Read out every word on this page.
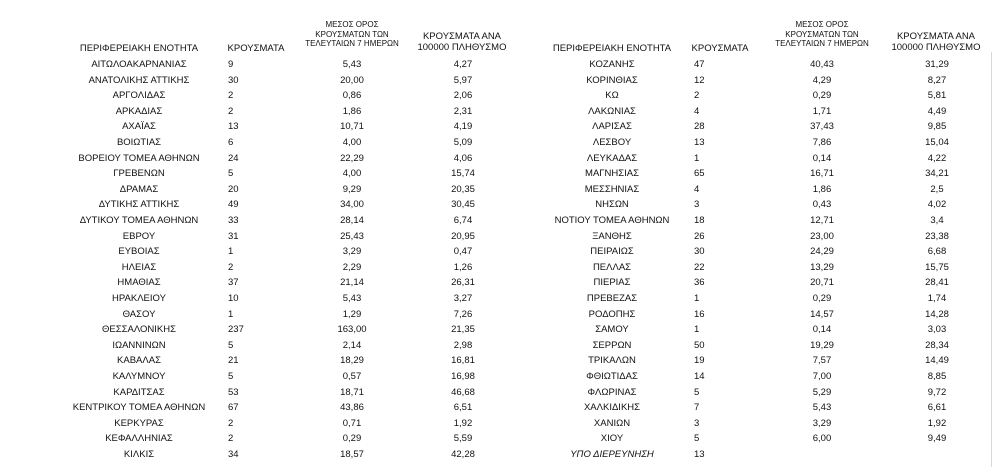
ΠΕΡΙΦΕΡΕΙΑΚΗ ΕΝΟΤΗΤΑ	ΚΡΟΥΣΜΑΤΑ
ΜΕΣΟΣ ΟΡΟΣ
ΚΡΟΥΣΜΑΤΩΝ ΤΩΝ
ΤΕΛΕΥΤΑΙΩΝ 7 ΗΜΕΡΩΝ
ΚΡΟΥΣΜΑΤΑ ΑΝΑ
100000 ΠΛΗΘΥΣΜΟ	ΠΕΡΙΦΕΡΕΙΑΚΗ ΕΝΟΤΗΤΑ	ΚΡΟΥΣΜΑΤΑ
ΜΕΣΟΣ ΟΡΟΣ
ΚΡΟΥΣΜΑΤΩΝ ΤΩΝ
ΤΕΛΕΥΤΑΙΩΝ 7 ΗΜΕΡΩΝ
ΚΡΟΥΣΜΑΤΑ ΑΝΑ
100000 ΠΛΗΘΥΣΜΟ
ΑΙΤΩΛΟΑΚΑΡΝΑΝΙΑΣ	9	5,43	4,27
ΑΝΑΤΟΛΙΚΗΣ ΑΤΤΙΚΗΣ	30	20,00	5,97
ΑΡΓΟΛΙΔΑΣ	2	0,86	2,06
ΑΡΚΑΔΙΑΣ	2	1,86	2,31
ΑΧΑΪΑΣ	13	10,71	4,19
ΒΟΙΩΤΙΑΣ	6	4,00	5,09
ΒΟΡΕΙΟΥ ΤΟΜΕΑ ΑΘΗΝΩΝ	24	22,29	4,06
ΓΡΕΒΕΝΩΝ	5	4,00	15,74
ΔΡΑΜΑΣ	20	9,29	20,35
ΔΥΤΙΚΗΣ ΑΤΤΙΚΗΣ	49	34,00	30,45
ΔΥΤΙΚΟΥ ΤΟΜΕΑ ΑΘΗΝΩΝ	33	28,14	6,74
ΕΒΡΟΥ	31	25,43	20,95
ΕΥΒΟΙΑΣ	1	3,29	0,47
ΗΛΕΙΑΣ	2	2,29	1,26
ΗΜΑΘΙΑΣ	37	21,14	26,31
ΗΡΑΚΛΕΙΟΥ	10	5,43	3,27
ΘΑΣΟΥ	1	1,29	7,26
ΘΕΣΣΑΛΟΝΙΚΗΣ	237	163,00	21,35
ΙΩΑΝΝΙΝΩΝ	5	2,14	2,98
ΚΑΒΑΛΑΣ	21	18,29	16,81
ΚΑΛΥΜΝΟΥ	5	0,57	16,98
ΚΑΡΔΙΤΣΑΣ	53	18,71	46,68
ΚΕΝΤΡΙΚΟΥ ΤΟΜΕΑ ΑΘΗΝΩΝ	67	43,86	6,51
ΚΕΡΚΥΡΑΣ	2	0,71	1,92
ΚΕΦΑΛΛΗΝΙΑΣ	2	0,29	5,59
ΚΙΛΚΙΣ	34	18,57	42,28
ΚΟΖΑΝΗΣ	47	40,43	31,29
ΚΟΡΙΝΘΙΑΣ	12	4,29	8,27
ΚΩ	2	0,29	5,81
ΛΑΚΩΝΙΑΣ	4	1,71	4,49
ΛΑΡΙΣΑΣ	28	37,43	9,85
ΛΕΣΒΟΥ	13	7,86	15,04
ΛΕΥΚΑΔΑΣ	1	0,14	4,22
ΜΑΓΝΗΣΙΑΣ	65	16,71	34,21
ΜΕΣΣΗΝΙΑΣ	4	1,86	2,5
ΝΗΣΩΝ	3	0,43	4,02
ΝΟΤΙΟΥ ΤΟΜΕΑ ΑΘΗΝΩΝ	18	12,71	3,4
ΞΑΝΘΗΣ	26	23,00	23,38
ΠΕΙΡΑΙΩΣ	30	24,29	6,68
ΠΕΛΛΑΣ	22	13,29	15,75
ΠΙΕΡΙΑΣ	36	20,71	28,41
ΠΡΕΒΕΖΑΣ	1	0,29	1,74
ΡΟΔΟΠΗΣ	16	14,57	14,28
ΣΑΜΟΥ	1	0,14	3,03
ΣΕΡΡΩΝ	50	19,29	28,34
ΤΡΙΚΑΛΩΝ	19	7,57	14,49
ΦΘΙΩΤΙΔΑΣ	14	7,00	8,85
ΦΛΩΡΙΝΑΣ	5	5,29	9,72
ΧΑΛΚΙΔΙΚΗΣ	7	5,43	6,61
ΧΑΝΙΩΝ	3	3,29	1,92
ΧΙΟΥ	5	6,00	9,49
ΥΠΟ ΔΙΕΡΕΥΝΗΣΗ	13
